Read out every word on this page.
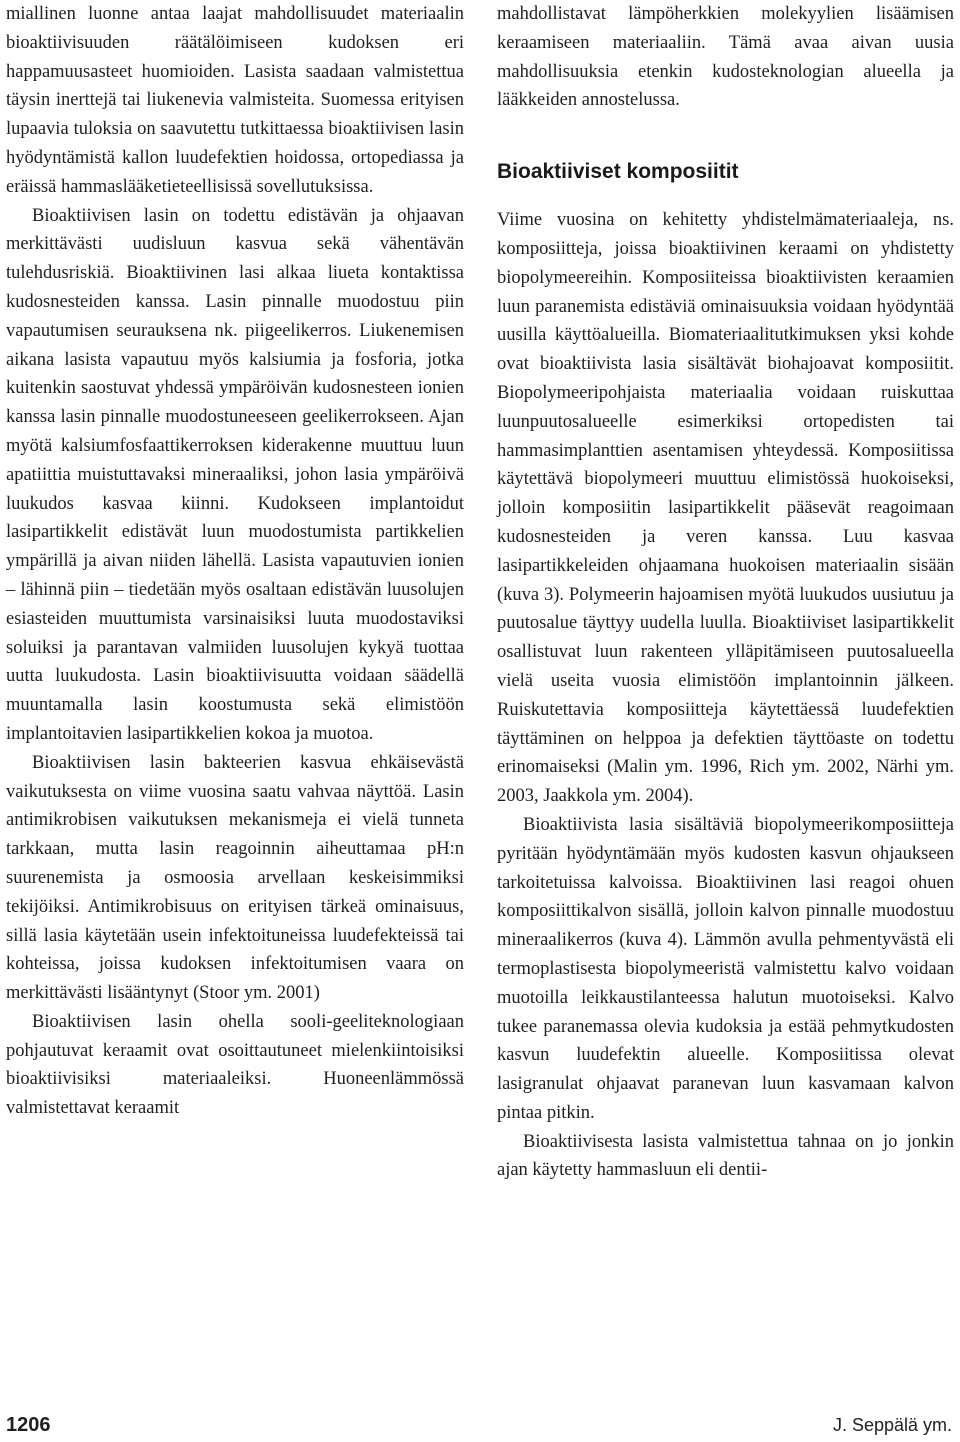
miallinen luonne antaa laajat mahdollisuudet materiaalin bioaktiivisuuden räätälöimiseen kudoksen eri happamuusasteet huomioiden. Lasista saadaan valmistettua täysin inerttejä tai liukenevia valmisteita. Suomessa erityisen lupaavia tuloksia on saavutettu tutkittaessa bioaktiivisen lasin hyödyntämistä kallon luudefektien hoidossa, ortopediassa ja eräissä hammaslääketieteellisissä sovellutuksissa.

Bioaktiivisen lasin on todettu edistävän ja ohjaavan merkittävästi uudisluun kasvua sekä vähentävän tulehdusriskiä. Bioaktiivinen lasi alkaa liueta kontaktissa kudosnesteiden kanssa. Lasin pinnalle muodostuu piin vapautumisen seurauksena nk. piigeelikerros. Liukenemisen aikana lasista vapautuu myös kalsiumia ja fosforia, jotka kuitenkin saostuvat yhdessä ympäröivän kudosnesteen ionien kanssa lasin pinnalle muodostuneeseen geelikerrokseen. Ajan myötä kalsiumfosfaattikerroksen kiderakenne muuttuu luun apatiittia muistuttavaksi mineraaliksi, johon lasia ympäröivä luukudos kasvaa kiinni. Kudokseen implantoidut lasipartikkelit edistävät luun muodostumista partikkelien ympärillä ja aivan niiden lähellä. Lasista vapautuvien ionien – lähinnä piin – tiedetään myös osaltaan edistävän luusolujen esiasteiden muuttumista varsinaisiksi luuta muodostaviksi soluiksi ja parantavan valmiiden luusolujen kykyä tuottaa uutta luukudosta. Lasin bioaktiivisuutta voidaan säädellä muuntamalla lasin koostumusta sekä elimistöön implantoitavien lasipartikkelien kokoa ja muotoa.

Bioaktiivisen lasin bakteerien kasvua ehkäisevästä vaikutuksesta on viime vuosina saatu vahvaa näyttöä. Lasin antimikrobisen vaikutuksen mekanismeja ei vielä tunneta tarkkaan, mutta lasin reagoinnin aiheuttamaa pH:n suurenemista ja osmoosia arvellaan keskeisimmiksi tekijöiksi. Antimikrobisuus on erityisen tärkeä ominaisuus, sillä lasia käytetään usein infektoituneissa luudefekteissä tai kohteissa, joissa kudoksen infektoitumisen vaara on merkittävästi lisääntynyt (Stoor ym. 2001)

Bioaktiivisen lasin ohella sooli-geeliteknologiaan pohjautuvat keraamit ovat osoittautuneet mielenkiintoisiksi bioaktiivisiksi materiaaleiksi. Huoneenlämmössä valmistettavat keraamit

mahdollistavat lämpöherkkien molekyylien lisäämisen keraamiseen materiaaliin. Tämä avaa aivan uusia mahdollisuuksia etenkin kudosteknologian alueella ja lääkkeiden annostelussa.

Bioaktiiviset komposiitit

Viime vuosina on kehitetty yhdistelmämateriaaleja, ns. komposiitteja, joissa bioaktiivinen keraami on yhdistetty biopolymeereihin. Komposiiteissa bioaktiivisten keraamien luun paranemista edistäviä ominaisuuksia voidaan hyödyntää uusilla käyttöalueilla. Biomateriaalitutkimuksen yksi kohde ovat bioaktiivista lasia sisältävät biohajoavat komposiitit. Biopolymeeripohjaista materiaalia voidaan ruiskuttaa luunpuutosalueelle esimerkiksi ortopedisten tai hammasimplanttien asentamisen yhteydessä. Komposiitissa käytettävä biopolymeeri muuttuu elimistössä huokoiseksi, jolloin komposiitin lasipartikkelit pääsevät reagoimaan kudosnesteiden ja veren kanssa. Luu kasvaa lasipartikkeleiden ohjaamana huokoisen materiaalin sisään (kuva 3). Polymeerin hajoamisen myötä luukudos uusiutuu ja puutosalue täyttyy uudella luulla. Bioaktiiviset lasipartikkelit osallistuvat luun rakenteen ylläpitämiseen puutosalueella vielä useita vuosia elimistöön implantoinnin jälkeen. Ruiskutettavia komposiitteja käytettäessä luudefektien täyttäminen on helppoa ja defektien täyttöaste on todettu erinomaiseksi (Malin ym. 1996, Rich ym. 2002, Närhi ym. 2003, Jaakkola ym. 2004).

Bioaktiivista lasia sisältäviä biopolymeerikomposiitteja pyritään hyödyntämään myös kudosten kasvun ohjaukseen tarkoitetuissa kalvoissa. Bioaktiivinen lasi reagoi ohuen komposiittikalvon sisällä, jolloin kalvon pinnalle muodostuu mineraalikerros (kuva 4). Lämmön avulla pehmentyvästä eli termoplastisesta biopolymeeristä valmistettu kalvo voidaan muotoilla leikkaustilanteessa halutun muotoiseksi. Kalvo tukee paranemassa olevia kudoksia ja estää pehmytkudosten kasvun luudefektin alueelle. Komposiitissa olevat lasigranulat ohjaavat paranevan luun kasvamaan kalvon pintaa pitkin.

Bioaktiivisesta lasista valmistettua tahnaa on jo jonkin ajan käytetty hammasluun eli dentii-

1206	J. Seppälä ym.
